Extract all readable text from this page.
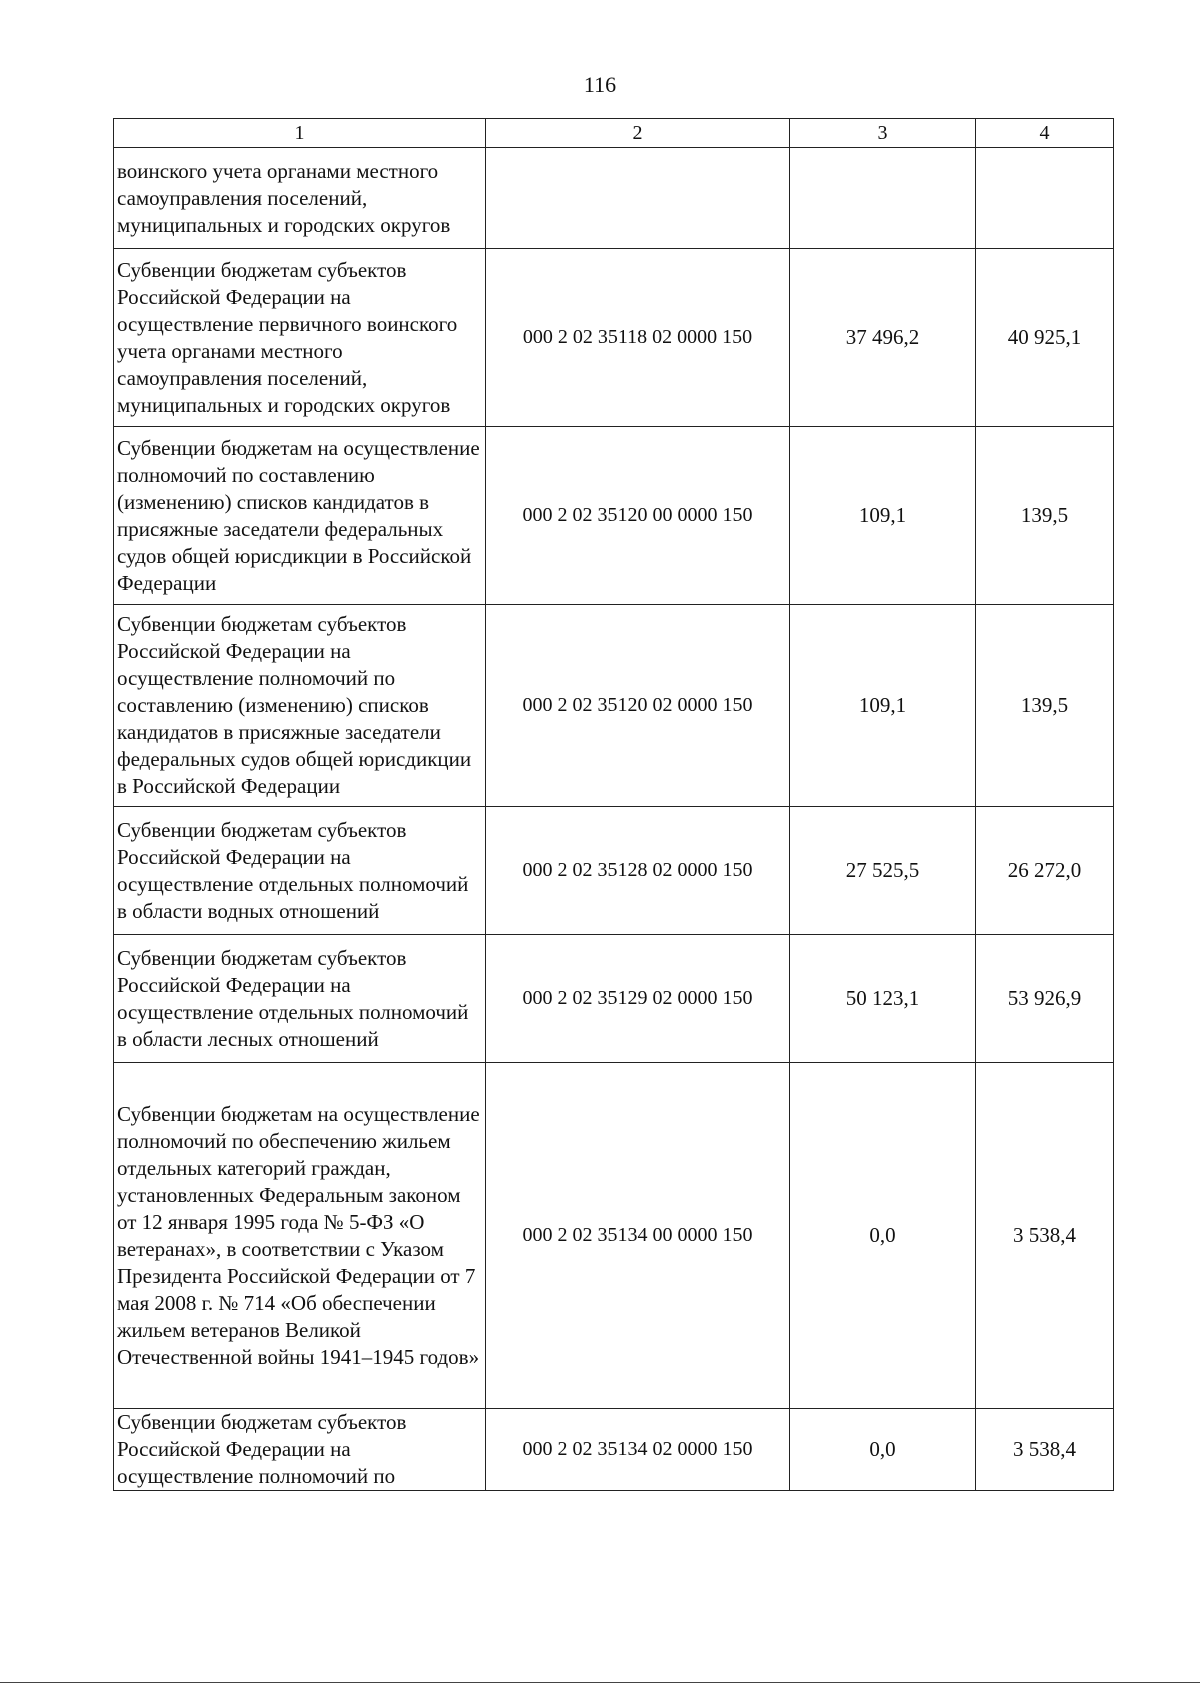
116
1	2	3	4
воинского учета органами местного самоуправления поселений, муниципальных и городских округов			
Субвенции бюджетам субъектов Российской Федерации на осуществление первичного воинского учета органами местного самоуправления поселений, муниципальных и городских округов	000 2 02 35118 02 0000 150	37 496,2	40 925,1
Субвенции бюджетам на осуществление полномочий по составлению (изменению) списков кандидатов в присяжные заседатели федеральных судов общей юрисдикции в Российской Федерации	000 2 02 35120 00 0000 150	109,1	139,5
Субвенции бюджетам субъектов Российской Федерации на осуществление полномочий по составлению (изменению) списков кандидатов в присяжные заседатели федеральных судов общей юрисдикции в Российской Федерации	000 2 02 35120 02 0000 150	109,1	139,5
Субвенции бюджетам субъектов Российской Федерации на осуществление отдельных полномочий в области водных отношений	000 2 02 35128 02 0000 150	27 525,5	26 272,0
Субвенции бюджетам субъектов Российской Федерации на осуществление отдельных полномочий в области лесных отношений	000 2 02 35129 02 0000 150	50 123,1	53 926,9
Субвенции бюджетам на осуществление полномочий по обеспечению жильем отдельных категорий граждан, установленных Федеральным законом от 12 января 1995 года № 5-ФЗ «О ветеранах», в соответствии с Указом Президента Российской Федерации от 7 мая 2008 г. № 714 «Об обеспечении жильем ветеранов Великой Отечественной войны 1941–1945 годов»	000 2 02 35134 00 0000 150	0,0	3 538,4
Субвенции бюджетам субъектов Российской Федерации на осуществление полномочий по	000 2 02 35134 02 0000 150	0,0	3 538,4
